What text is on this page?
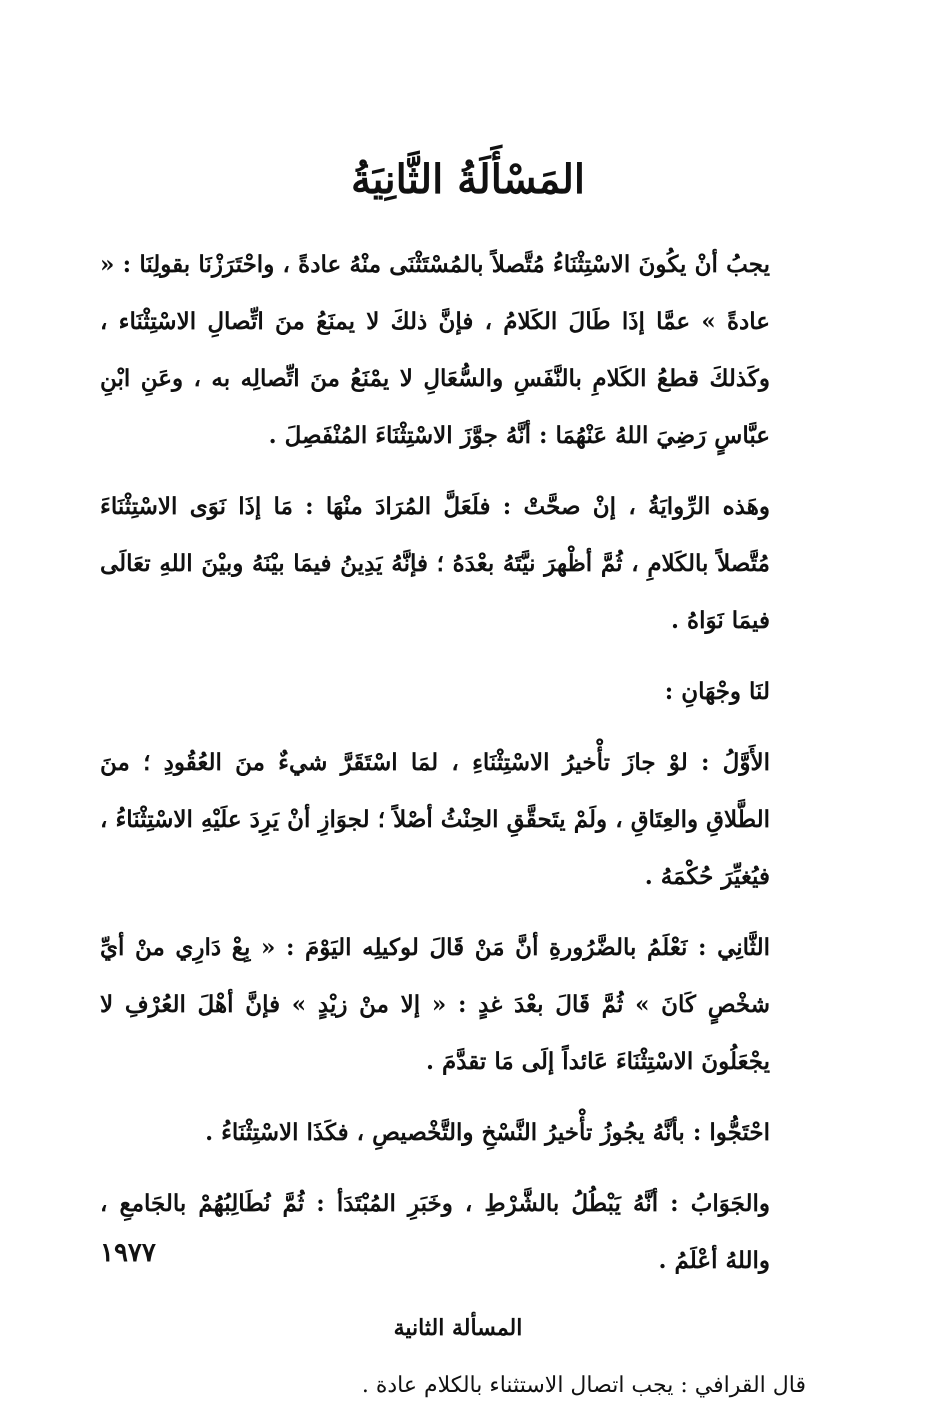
المَسْأَلَةُ الثَّانِيَةُ

يجبُ أنْ يكُونَ الاسْتِثْنَاءُ مُتَّصلاً بالمُسْتَثْنَى منْهُ عادةً ، واحْتَرَزْنَا بقولِنَا : « عادةً » عمَّا إذَا طَالَ الكَلامُ ، فإنَّ ذلكَ لا يمنَعُ منَ اتِّصالِ الاسْتِثْنَاء ، وكَذلكَ قطعُ الكَلامِ بالنَّفَسِ والسُّعَالِ لا يمْنَعُ منَ اتِّصالِه به ، وعَنِ ابْنِ عبَّاسٍ رَضِيَ اللهُ عَنْهُمَا : أنَّهُ جوَّزَ الاسْتِثْنَاءَ المُنْفَصِلَ .

وهَذه الرِّوايَةُ ، إنْ صحَّتْ : فلَعَلَّ المُرَادَ منْهَا : مَا إذَا نَوَى الاسْتِثْنَاءَ مُتَّصلاً بالكَلامِ ، ثُمَّ أظْهرَ نيَّتَهُ بعْدَهُ ؛ فإنَّهُ يَدِينُ فيمَا بيْنَهُ وبيْنَ اللهِ تعَالَى فيمَا نَوَاهُ .

لنَا وجْهَانِ :

الأَوَّلُ : لوْ جازَ تأْخيرُ الاسْتِثْنَاءِ ، لمَا اسْتَقَرَّ شيءٌ منَ العُقُودِ ؛ منَ الطَّلاقِ والعِتَاقِ ، ولَمْ يتَحقَّقِ الحِنْثُ أصْلاً ؛ لجوَازِ أنْ يَرِدَ علَيْهِ الاسْتِثْنَاءُ ، فيُغيِّرَ حُكْمَهُ .

الثَّانِي : نَعْلَمُ بالضَّرُورةِ أنَّ مَنْ قَالَ لوكيلِه اليَوْمَ : « بِعْ دَارِي منْ أيِّ شخْصٍ كَانَ » ثُمَّ قَالَ بعْدَ غدٍ : « إلا منْ زيْدٍ » فإنَّ أهْلَ العُرْفِ لا يجْعَلُونَ الاسْتِثْنَاءَ عَائداً إلَى مَا تقدَّمَ .

احْتَجُّوا : بأنَّهُ يجُوزُ تأْخيرُ النَّسْخِ والتَّخْصيصِ ، فكَذَا الاسْتِثْنَاءُ .

والجَوَابُ : أنَّهُ يَبْطُلُ بالشَّرْطِ ، وخَبَرِ المُبْتَدَأ : ثُمَّ نُطَالِبُهُمْ بالجَامعِ ، واللهُ أعْلَمُ .

المسألة الثانية

قال القرافي : يجب اتصال الاستثناء بالكلام عادة .

١٩٧٧
